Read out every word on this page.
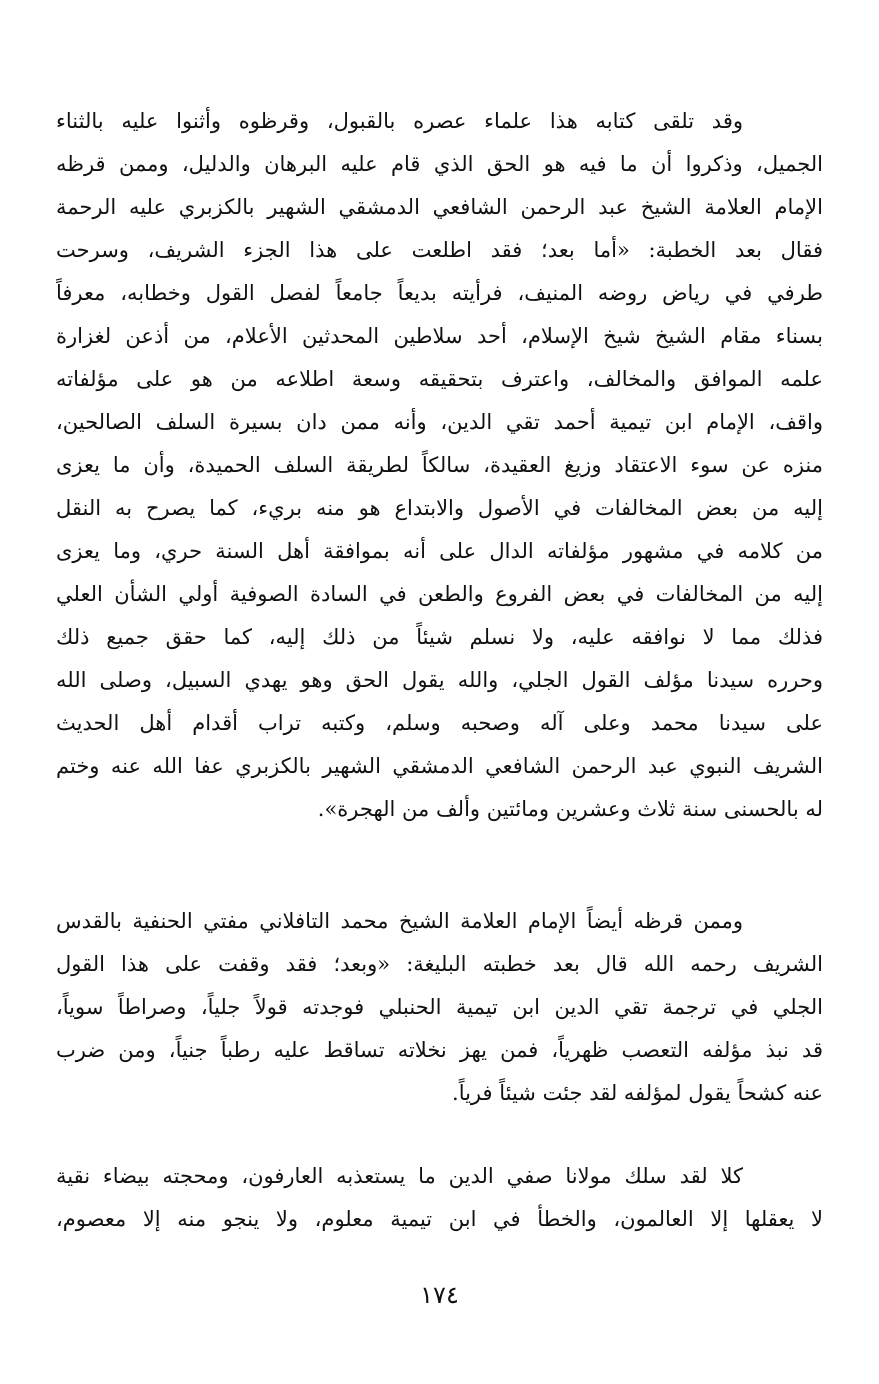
وقد تلقى كتابه هذا علماء عصره بالقبول، وقرظوه وأثنوا عليه بالثناء
الجميل، وذكروا أن ما فيه هو الحق الذي قام عليه البرهان والدليل، وممن قرظه
الإمام العلامة الشيخ عبد الرحمن الشافعي الدمشقي الشهير بالكزبري عليه الرحمة
فقال بعد الخطبة: «أما بعد؛ فقد اطلعت على هذا الجزء الشريف، وسرحت
طرفي في رياض روضه المنيف، فرأيته بديعاً جامعاً لفصل القول وخطابه، معرفاً
بسناء مقام الشيخ شيخ الإسلام، أحد سلاطين المحدثين الأعلام، من أذعن لغزارة
علمه الموافق والمخالف، واعترف بتحقيقه وسعة اطلاعه من هو على مؤلفاته
واقف، الإمام ابن تيمية أحمد تقي الدين، وأنه ممن دان بسيرة السلف الصالحين،
منزه عن سوء الاعتقاد وزيغ العقيدة، سالكاً لطريقة السلف الحميدة، وأن ما يعزى
إليه من بعض المخالفات في الأصول والابتداع هو منه بريء، كما يصرح به النقل
من كلامه في مشهور مؤلفاته الدال على أنه بموافقة أهل السنة حري، وما يعزى
إليه من المخالفات في بعض الفروع والطعن في السادة الصوفية أولي الشأن العلي
فذلك مما لا نوافقه عليه، ولا نسلم شيئاً من ذلك إليه، كما حقق جميع ذلك
وحرره سيدنا مؤلف القول الجلي، والله يقول الحق وهو يهدي السبيل، وصلى الله
على سيدنا محمد وعلى آله وصحبه وسلم، وكتبه تراب أقدام أهل الحديث
الشريف النبوي عبد الرحمن الشافعي الدمشقي الشهير بالكزبري عفا الله عنه وختم
له بالحسنى سنة ثلاث وعشرين ومائتين وألف من الهجرة».
وممن قرظه أيضاً الإمام العلامة الشيخ محمد التافلاني مفتي الحنفية بالقدس
الشريف رحمه الله قال بعد خطبته البليغة: «وبعد؛ فقد وقفت على هذا القول
الجلي في ترجمة تقي الدين ابن تيمية الحنبلي فوجدته قولاً جلياً، وصراطاً سوياً،
قد نبذ مؤلفه التعصب ظهرياً، فمن يهز نخلاته تساقط عليه رطباً جنياً، ومن ضرب
عنه كشحاً يقول لمؤلفه لقد جئت شيئاً فرياً.
كلا لقد سلك مولانا صفي الدين ما يستعذبه العارفون، ومحجته بيضاء نقية
لا يعقلها إلا العالمون، والخطأ في ابن تيمية معلوم، ولا ينجو منه إلا معصوم،
١٧٤
